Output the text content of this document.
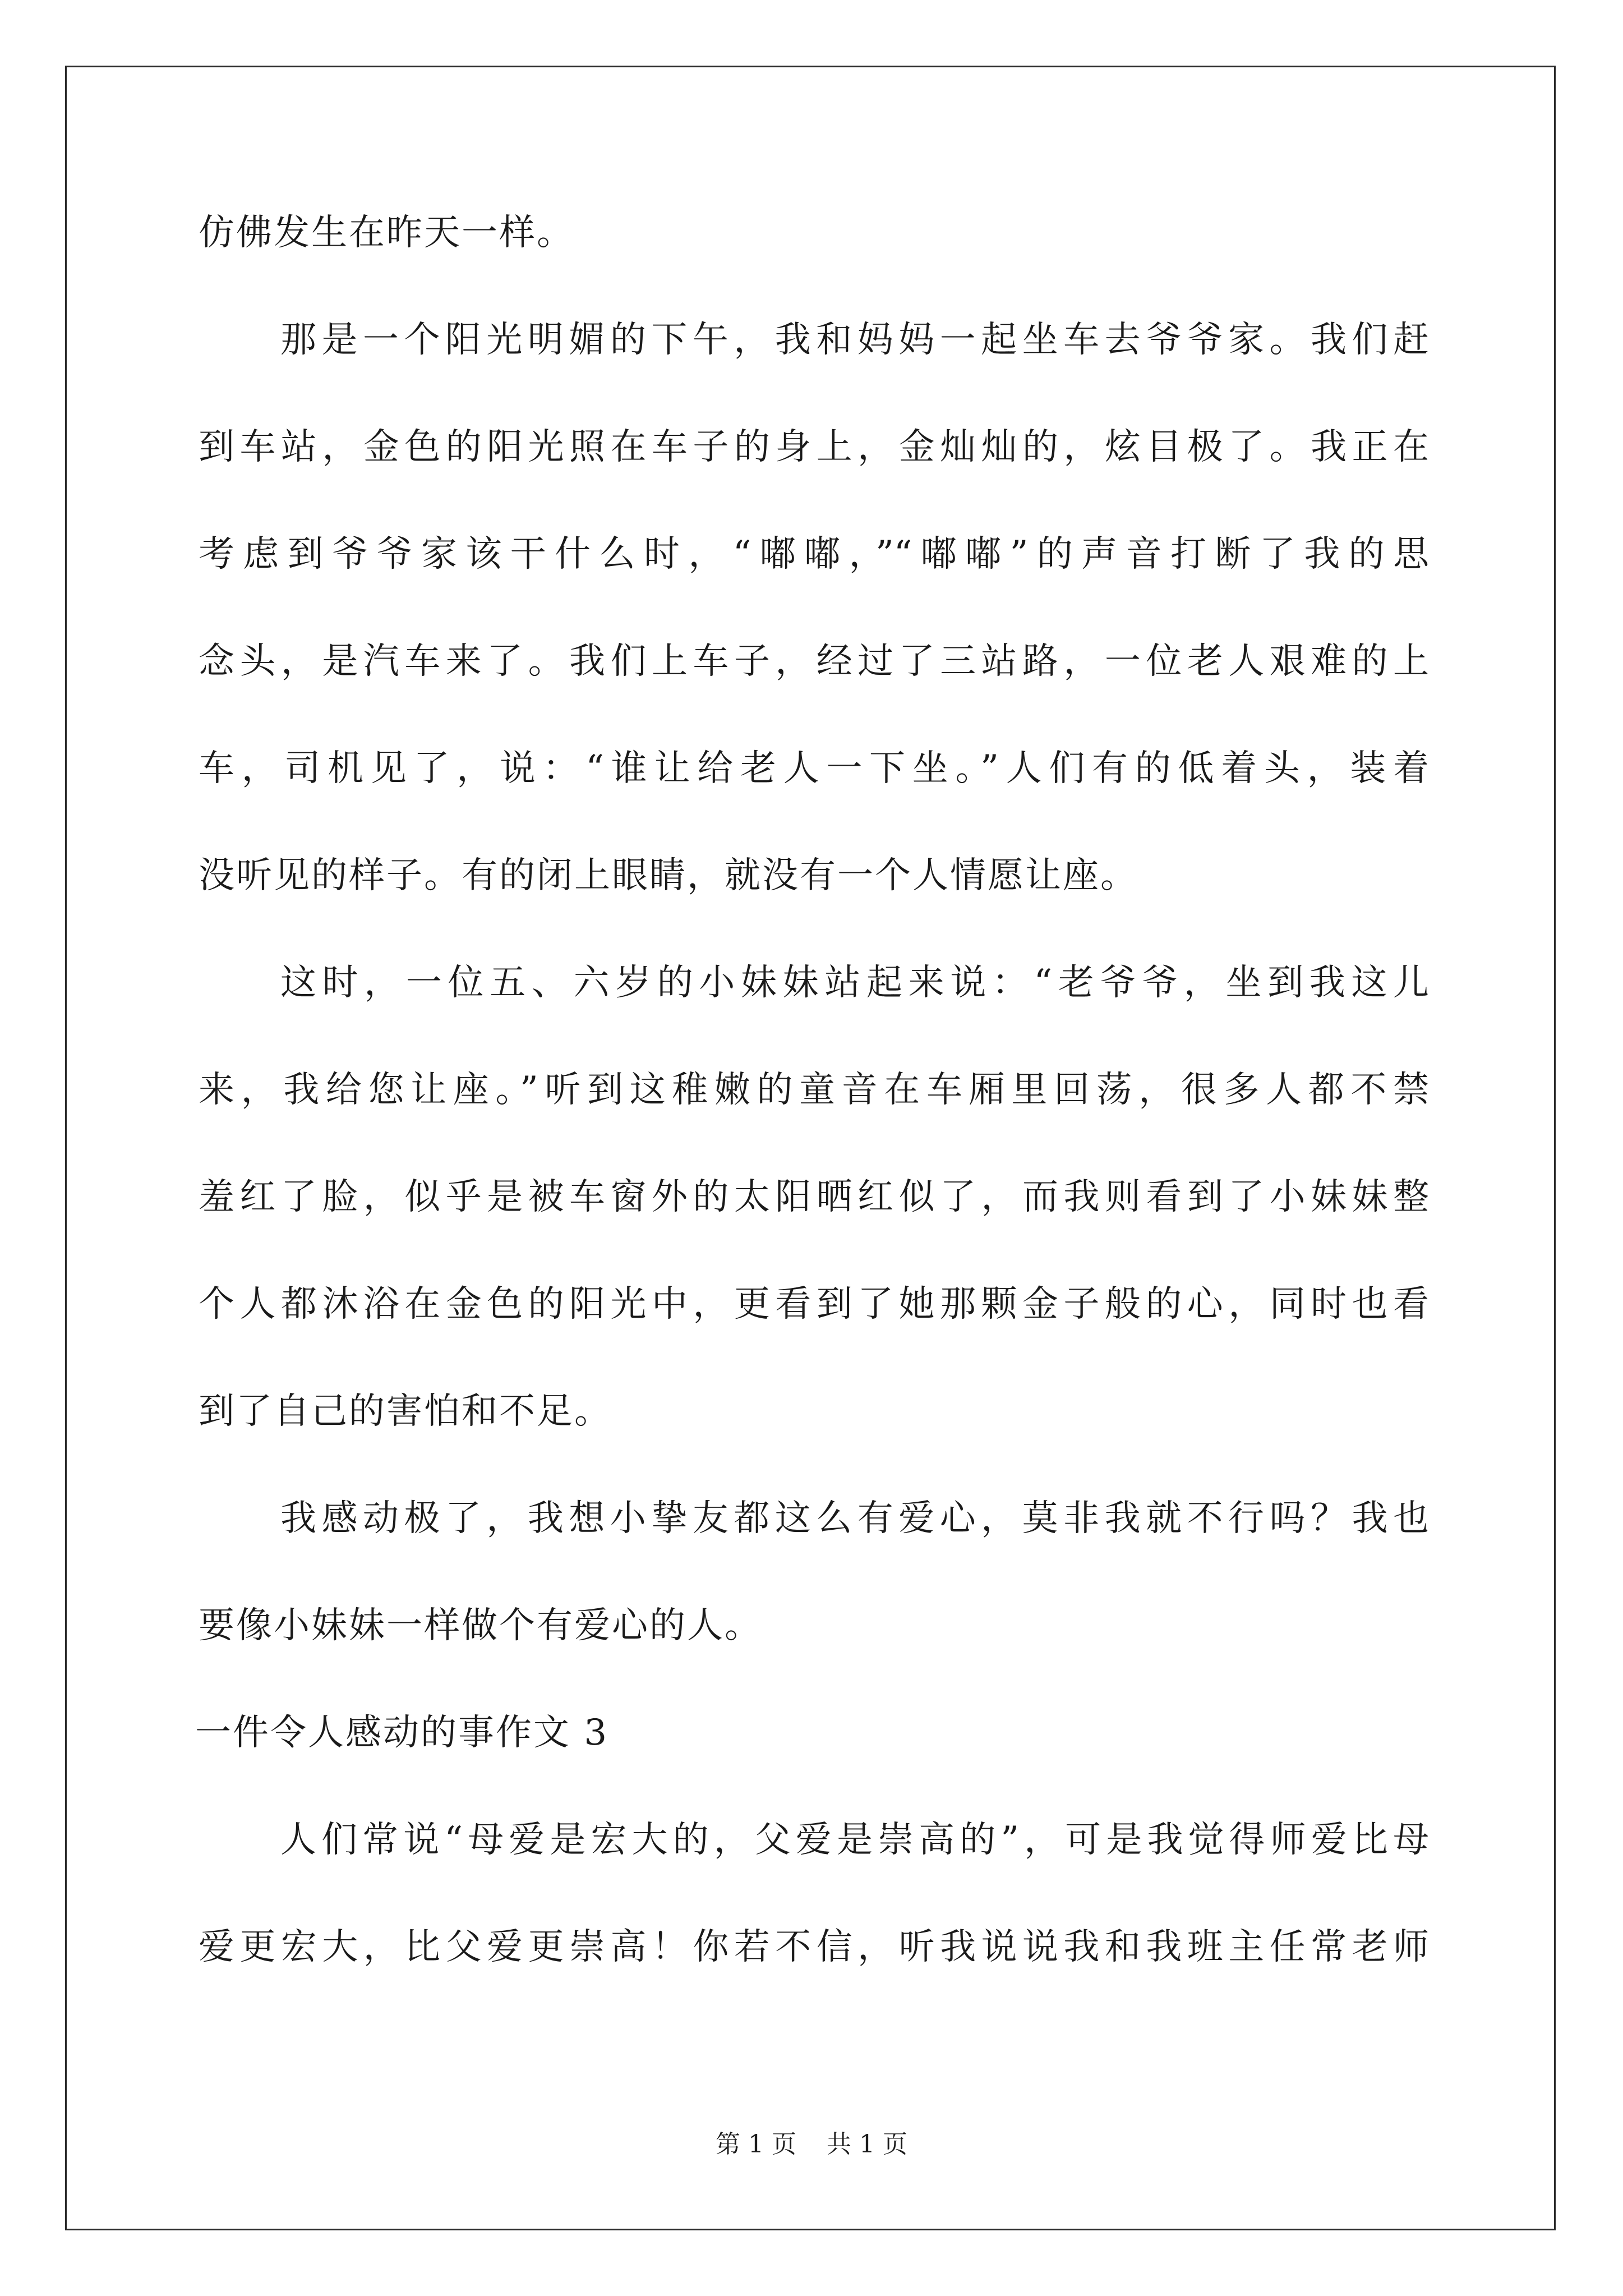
仿佛发生在昨天一样。
那是一个阳光明媚的下午，我和妈妈一起坐车去爷爷家。我们赶
到车站，金色的阳光照在车子的身上，金灿灿的，炫目极了。我正在
考虑到爷爷家该干什么时，“嘟嘟，”“嘟嘟”的声音打断了我的思
念头，是汽车来了。我们上车子，经过了三站路，一位老人艰难的上
车，司机见了，说：“谁让给老人一下坐。”人们有的低着头，装着
没听见的样子。有的闭上眼睛，就没有一个人情愿让座。
这时，一位五、六岁的小妹妹站起来说：“老爷爷，坐到我这儿
来，我给您让座。”听到这稚嫩的童音在车厢里回荡，很多人都不禁
羞红了脸，似乎是被车窗外的太阳晒红似了，而我则看到了小妹妹整
个人都沐浴在金色的阳光中，更看到了她那颗金子般的心，同时也看
到了自己的害怕和不足。
我感动极了，我想小挚友都这么有爱心，莫非我就不行吗？我也
要像小妹妹一样做个有爱心的人。
一件令人感动的事作文 3
人们常说“母爱是宏大的，父爱是崇高的”，可是我觉得师爱比母
爱更宏大，比父爱更崇高！你若不信，听我说说我和我班主任常老师
第 1 页 共 1 页
